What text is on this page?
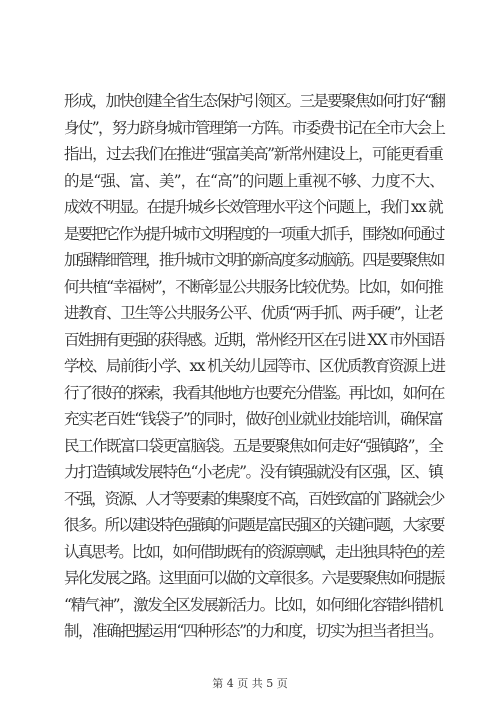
形成，加快创建全省生态保护引领区。三是要聚焦如何打好“翻
身仗”，努力跻身城市管理第一方阵。市委费书记在全市大会上
指出，过去我们在推进“强富美高”新常州建设上，可能更看重
的是“强、富、美”，在“高”的问题上重视不够、力度不大、
成效不明显。在提升城乡长效管理水平这个问题上，我们 xx 就
是要把它作为提升城市文明程度的一项重大抓手，围绕如何通过
加强精细管理，推升城市文明的新高度多动脑筋。四是要聚焦如
何共植“幸福树”，不断彰显公共服务比较优势。比如，如何推
进教育、卫生等公共服务公平、优质“两手抓、两手硬”，让老
百姓拥有更强的获得感。近期，常州经开区在引进 XX 市外国语
学校、局前街小学、xx 机关幼儿园等市、区优质教育资源上进
行了很好的探索，我看其他地方也要充分借鉴。再比如，如何在
充实老百姓“钱袋子”的同时，做好创业就业技能培训，确保富
民工作既富口袋更富脑袋。五是要聚焦如何走好“强镇路”，全
力打造镇域发展特色“小老虎”。没有镇强就没有区强，区、镇
不强，资源、人才等要素的集聚度不高，百姓致富的门路就会少
很多。所以建设特色强镇的问题是富民强区的关键问题，大家要
认真思考。比如，如何借助既有的资源禀赋，走出独具特色的差
异化发展之路。这里面可以做的文章很多。六是要聚焦如何提振
“精气神”，激发全区发展新活力。比如，如何细化容错纠错机
制，准确把握运用“四种形态”的力和度，切实为担当者担当。
第 4 页 共 5 页
